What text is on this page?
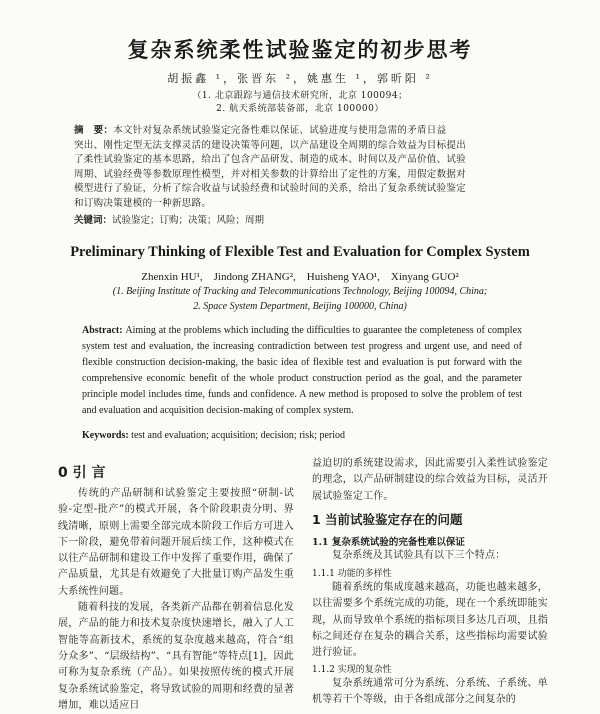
复杂系统柔性试验鉴定的初步思考
胡振鑫 ¹，张晋东 ²，姚惠生 ¹，郭昕阳 ²
（1. 北京跟踪与通信技术研究所，北京 100094；
2. 航天系统部装备部，北京 100000）
摘　要：本文针对复杂系统试验鉴定完备性难以保证、试验进度与使用急需的矛盾日益
突出、刚性定型无法支撑灵活的建设决策等问题，以产品建设全周期的综合效益为目标提出
了柔性试验鉴定的基本思路，给出了包含产品研发、制造的成本、时间以及产品价值、试验
周期、试验经费等参数原理性模型，并对相关参数的计算给出了定性的方案，用假定数据对
模型进行了验证，分析了综合收益与试验经费和试验时间的关系，给出了复杂系统试验鉴定
和订购决策建模的一种新思路。
关键词：试验鉴定；订购；决策；风险；周期
Preliminary Thinking of Flexible Test and Evaluation for Complex System
Zhenxin HU¹,　Jindong ZHANG²,　Huisheng YAO¹,　Xinyang GUO²
(1. Beijing Institute of Tracking and Telecommunications Technology, Beijing 100094, China;
2. Space System Department, Beijing 100000, China)
Abstract: Aiming at the problems which including the difficulties to guarantee the completeness of complex system test and evaluation, the increasing contradiction between test progress and urgent use, and need of flexible construction decision-making, the basic idea of flexible test and evaluation is put forward with the comprehensive economic benefit of the whole product construction period as the goal, and the parameter principle model includes time, funds and confidence. A new method is proposed to solve the problem of test and evaluation and acquisition decision-making of complex system.
Keywords: test and evaluation; acquisition; decision; risk; period
0 引 言

传统的产品研制和试验鉴定主要按照“研制-试验-定型-批产”的模式开展，各个阶段职责分明、界线清晰，原则上需要全部完成本阶段工作后方可进入下一阶段，避免带着问题开展后续工作，这种模式在以往产品研制和建设工作中发挥了重要作用，确保了产品质量，尤其是有效避免了大批量订购产品发生重大系统性问题。

随着科技的发展，各类新产品都在朝着信息化发展，产品的能力和技术复杂度快速增长，融入了人工智能等高新技术，系统的复杂度越来越高，符合“组分众多”、“层级结构”、“具有智能”等特点[1]，因此可称为复杂系统（产品）。如果按照传统的模式开展复杂系统试验鉴定，将导致试验的周期和经费的显著增加，难以适应日

益迫切的系统建设需求，因此需要引入柔性试验鉴定的理念，以产品研制建设的综合效益为目标，灵活开展试验鉴定工作。

1 当前试验鉴定存在的问题
1.1 复杂系统试验的完备性难以保证

复杂系统及其试验具有以下三个特点：

1.1.1 功能的多样性

随着系统的集成度越来越高，功能也越来越多，以往需要多个系统完成的功能，现在一个系统即能实现，从而导致单个系统的指标项目多达几百项，且指标之间还存在复杂的耦合关系，这些指标均需要试验进行验证。

1.1.2 实现的复杂性

复杂系统通常可分为系统、分系统、子系统、单机等若干个等级，由于各组成部分之间复杂的
